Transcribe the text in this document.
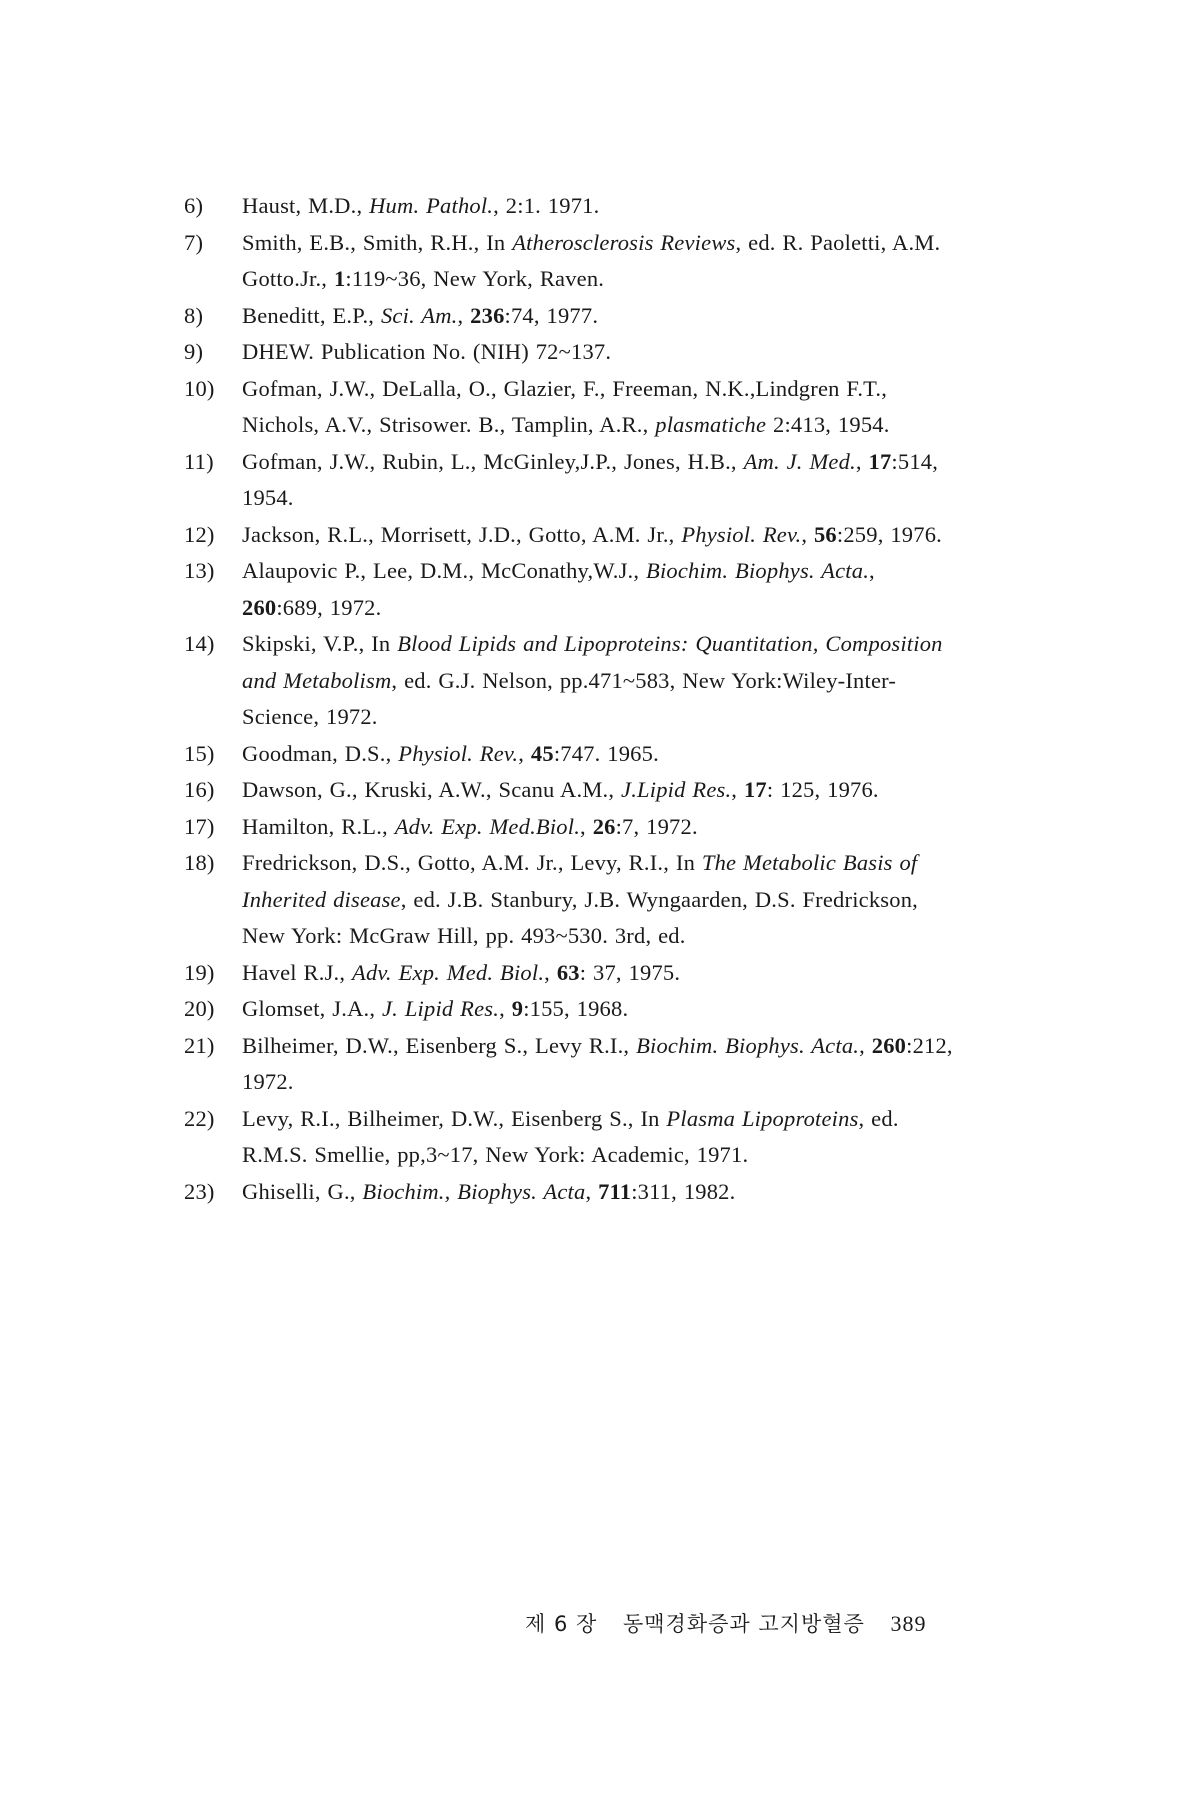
6)	Haust, M.D., Hum. Pathol., 2:1. 1971.
7)	Smith, E.B., Smith, R.H., In Atherosclerosis Reviews, ed. R. Paoletti, A.M. Gotto.Jr., 1:119~36, New York, Raven.
8)	Beneditt, E.P., Sci. Am., 236:74, 1977.
9)	DHEW. Publication No. (NIH) 72~137.
10)	Gofman, J.W., DeLalla, O., Glazier, F., Freeman, N.K.,Lindgren F.T., Nichols, A.V., Strisower. B., Tamplin, A.R., plasmatiche 2:413, 1954.
11)	Gofman, J.W., Rubin, L., McGinley,J.P., Jones, H.B., Am. J. Med., 17:514, 1954.
12)	Jackson, R.L., Morrisett, J.D., Gotto, A.M. Jr., Physiol. Rev., 56:259, 1976.
13)	Alaupovic P., Lee, D.M., McConathy,W.J., Biochim. Biophys. Acta., 260:689, 1972.
14)	Skipski, V.P., In Blood Lipids and Lipoproteins: Quantitation, Composition and Metabolism, ed. G.J. Nelson, pp.471~583, New York:Wiley-Inter-Science, 1972.
15)	Goodman, D.S., Physiol. Rev., 45:747. 1965.
16)	Dawson, G., Kruski, A.W., Scanu A.M., J.Lipid Res., 17: 125, 1976.
17)	Hamilton, R.L., Adv. Exp. Med.Biol., 26:7, 1972.
18)	Fredrickson, D.S., Gotto, A.M. Jr., Levy, R.I., In The Metabolic Basis of Inherited disease, ed. J.B. Stanbury, J.B. Wyngaarden, D.S. Fredrickson, New York: McGraw Hill, pp. 493~530. 3rd, ed.
19)	Havel R.J., Adv. Exp. Med. Biol., 63: 37, 1975.
20)	Glomset, J.A., J. Lipid Res., 9:155, 1968.
21)	Bilheimer, D.W., Eisenberg S., Levy R.I., Biochim. Biophys. Acta., 260:212, 1972.
22)	Levy, R.I., Bilheimer, D.W., Eisenberg S., In Plasma Lipoproteins, ed. R.M.S. Smellie, pp,3~17, New York: Academic, 1971.
23)	Ghiselli, G., Biochim., Biophys. Acta, 711:311, 1982.
제 6 장 동맥경화증과 고지방혈증 389
